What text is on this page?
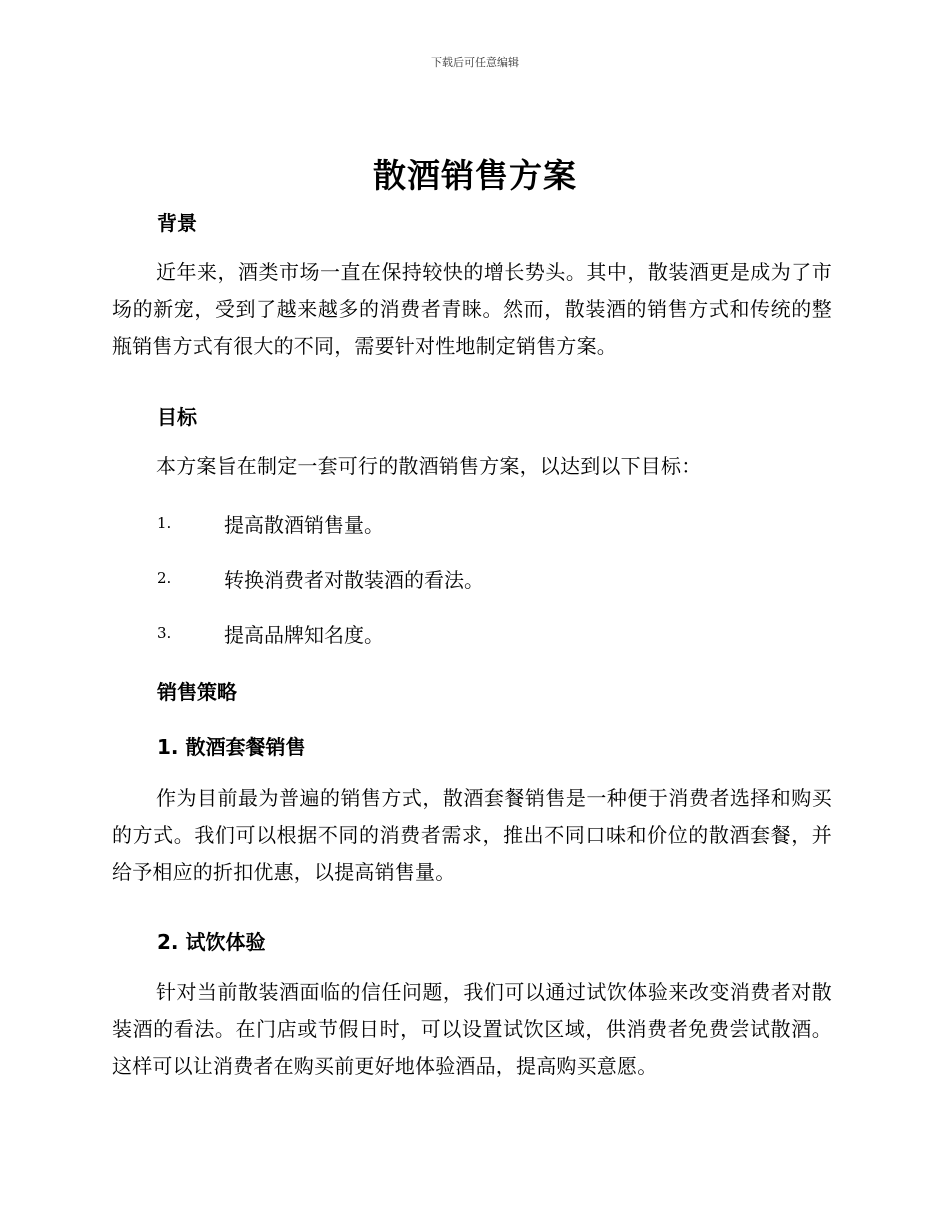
下载后可任意编辑
散酒销售方案
背景
近年来，酒类市场一直在保持较快的增长势头。其中，散装酒更是成为了市场的新宠，受到了越来越多的消费者青睐。然而，散装酒的销售方式和传统的整瓶销售方式有很大的不同，需要针对性地制定销售方案。
目标
本方案旨在制定一套可行的散酒销售方案，以达到以下目标：
1.	提高散酒销售量。
2.	转换消费者对散装酒的看法。
3.	提高品牌知名度。
销售策略
1. 散酒套餐销售
作为目前最为普遍的销售方式，散酒套餐销售是一种便于消费者选择和购买的方式。我们可以根据不同的消费者需求，推出不同口味和价位的散酒套餐，并给予相应的折扣优惠，以提高销售量。
2. 试饮体验
针对当前散装酒面临的信任问题，我们可以通过试饮体验来改变消费者对散装酒的看法。在门店或节假日时，可以设置试饮区域，供消费者免费尝试散酒。这样可以让消费者在购买前更好地体验酒品，提高购买意愿。
